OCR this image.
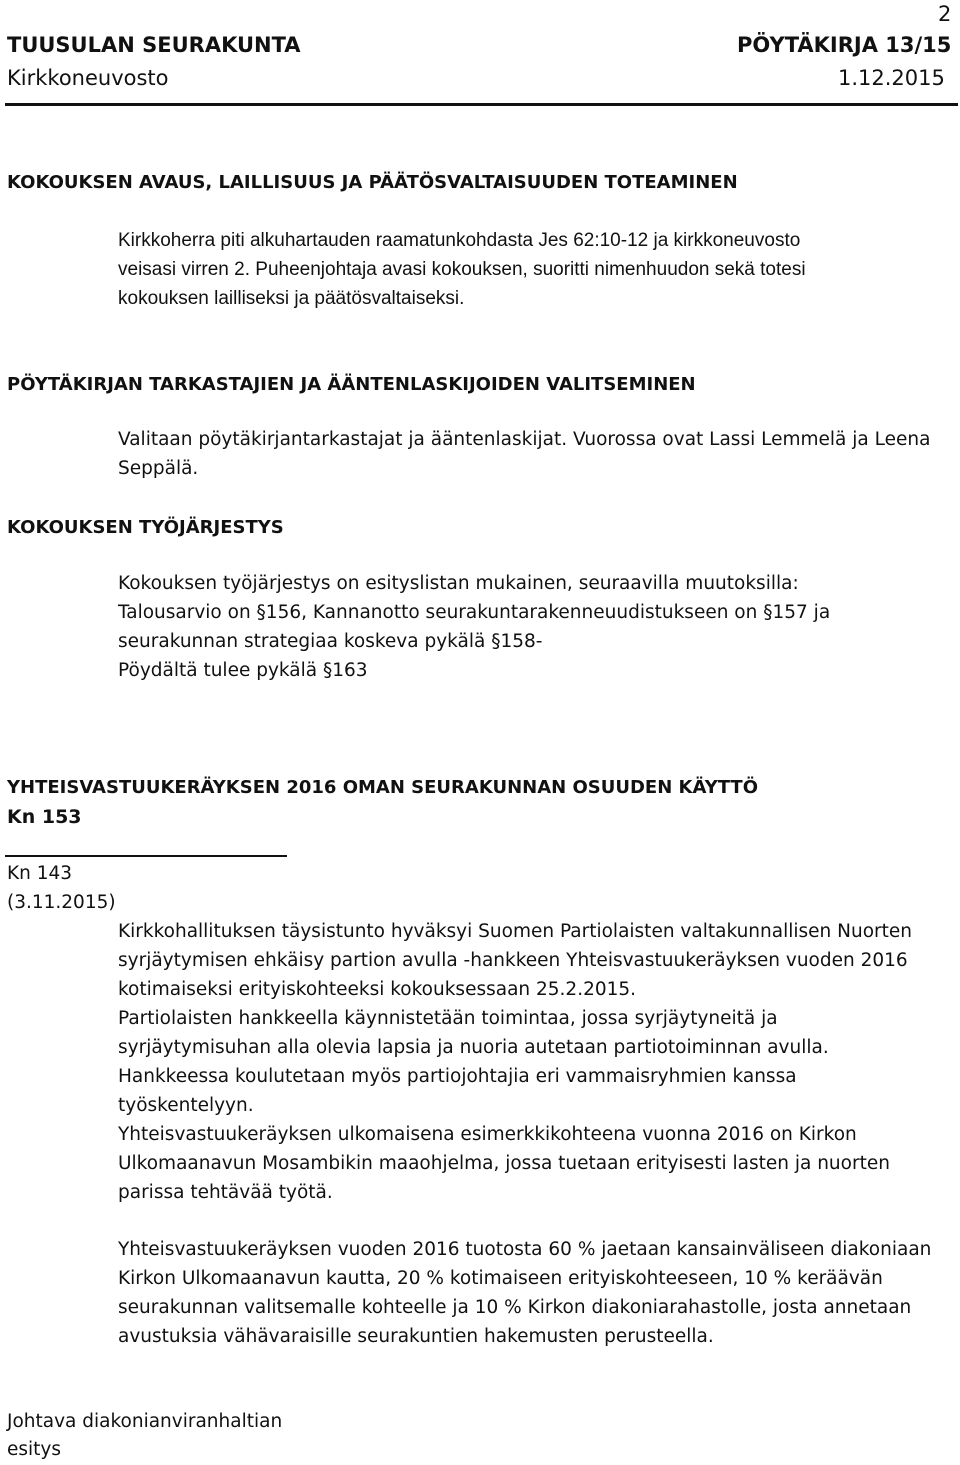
2
TUUSULAN SEURAKUNTA	PÖYTÄKIRJA 13/15
Kirkkoneuvosto	1.12.2015
KOKOUKSEN AVAUS, LAILLISUUS JA PÄÄTÖSVALTAISUUDEN TOTEAMINEN
Kirkkoherra piti alkuhartauden raamatunkohdasta Jes 62:10-12 ja kirkkoneuvosto
veisasi virren 2. Puheenjohtaja avasi kokouksen, suoritti nimenhuudon sekä totesi
kokouksen lailliseksi ja päätösvaltaiseksi.
PÖYTÄKIRJAN TARKASTAJIEN JA ÄÄNTENLASKIJOIDEN VALITSEMINEN
Valitaan pöytäkirjantarkastajat ja ääntenlaskijat. Vuorossa ovat Lassi Lemmelä ja Leena
Seppälä.
KOKOUKSEN TYÖJÄRJESTYS
Kokouksen työjärjestys on esityslistan mukainen, seuraavilla muutoksilla:
Talousarvio on §156, Kannanotto seurakuntarakenneuudistukseen on §157 ja
seurakunnan strategiaa koskeva pykälä §158-
Pöydältä tulee pykälä §163
YHTEISVASTUUKERÄYKSEN 2016 OMAN SEURAKUNNAN OSUUDEN KÄYTTÖ
Kn 153
Kn 143
(3.11.2015)
Kirkkohallituksen täysistunto hyväksyi Suomen Partiolaisten valtakunnallisen Nuorten
syrjäytymisen ehkäisy partion avulla -hankkeen Yhteisvastuukeräyksen vuoden 2016
kotimaiseksi erityiskohteeksi kokouksessaan 25.2.2015.
Partiolaisten hankkeella käynnistetään toimintaa, jossa syrjäytyneitä ja
syrjäytymisuhan alla olevia lapsia ja nuoria autetaan partiotoiminnan avulla.
Hankkeessa koulutetaan myös partiojohtajia eri vammaisryhmien kanssa
työskentelyyn.
Yhteisvastuukeräyksen ulkomaisena esimerkkikohteena vuonna 2016 on Kirkon
Ulkomaanavun Mosambikin maaohjelma, jossa tuetaan erityisesti lasten ja nuorten
parissa tehtävää työtä.
Yhteisvastuukeräyksen vuoden 2016 tuotosta 60 % jaetaan kansainväliseen diakoniaan
Kirkon Ulkomaanavun kautta, 20 % kotimaiseen erityiskohteeseen, 10 % keräävän
seurakunnan valitsemalle kohteelle ja 10 % Kirkon diakoniarahastolle, josta annetaan
avustuksia vähävaraisille seurakuntien hakemusten perusteella.
Johtava diakonianviranhaltian
esitys
